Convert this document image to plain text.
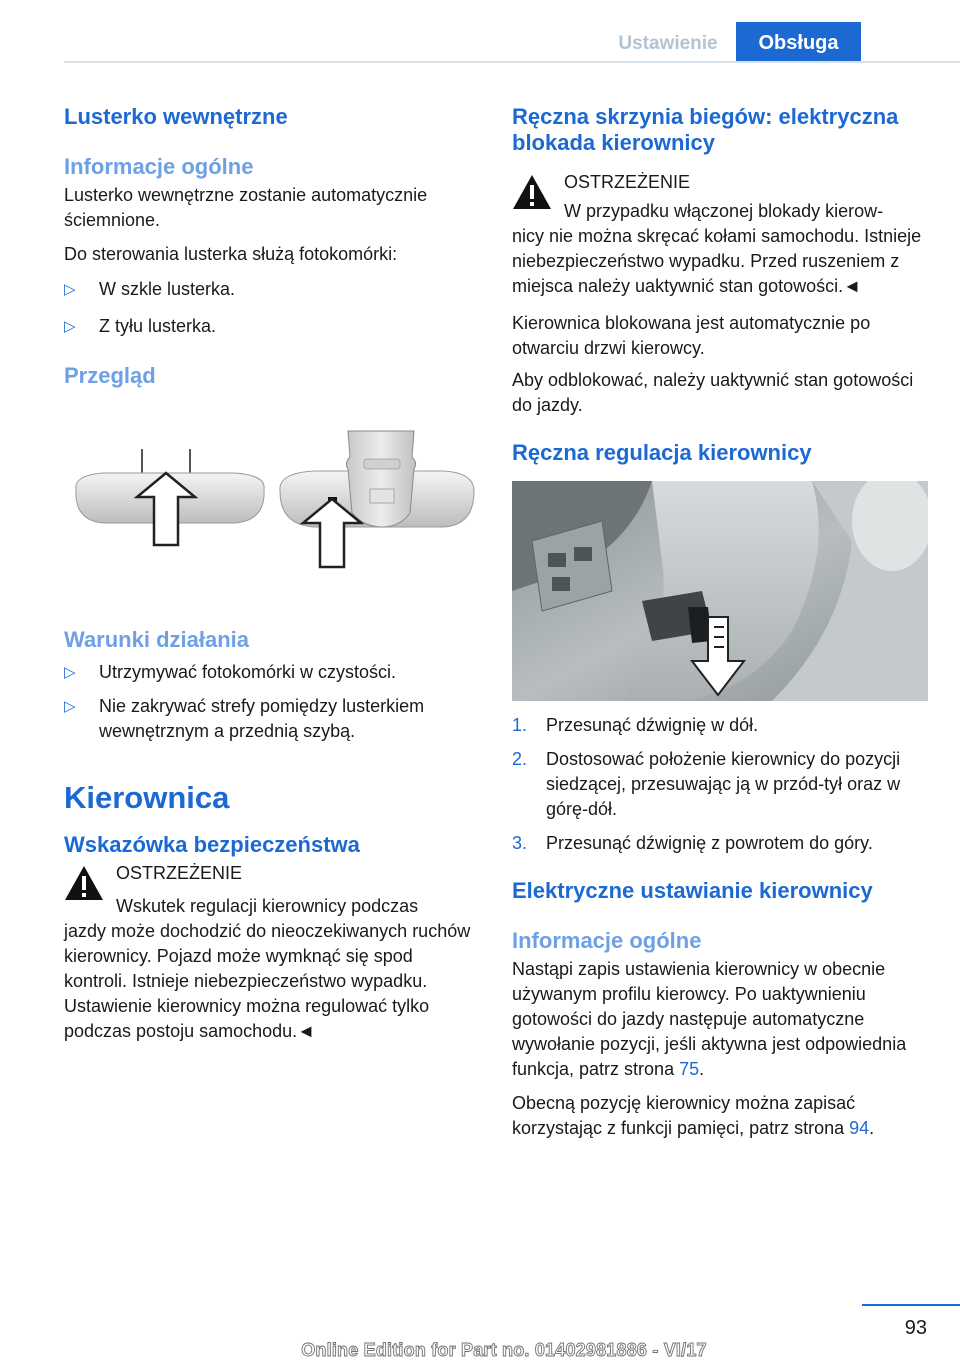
Ustawienie	Obsługa
Lusterko wewnętrzne
Informacje ogólne

Lusterko wewnętrzne zostanie automatycznie ściemnione.

Do sterowania lusterka służą fotokomórki:

▷ W szkle lusterka.
▷ Z tyłu lusterka.
Przegląd
Warunki działania
▷ Utrzymywać fotokomórki w czystości.
▷ Nie zakrywać strefy pomiędzy lusterkiem wewnętrznym a przednią szybą.
Kierownica
Wskazówka bezpieczeństwa
OSTRZEŻENIE
Wskutek regulacji kierownicy podczas
jazdy może dochodzić do nieoczekiwanych ruchów kierownicy. Pojazd może wymknąć się spod kontroli. Istnieje niebezpieczeństwo wypadku. Ustawienie kierownicy można regulować tylko podczas postoju samochodu.◄
Ręczna skrzynia biegów: elektryczna blokada kierownicy
OSTRZEŻENIE
W przypadku włączonej blokady kierow-
nicy nie można skręcać kołami samochodu. Istnieje niebezpieczeństwo wypadku. Przed ruszeniem z miejsca należy uaktywnić stan gotowości.◄

Kierownica blokowana jest automatycznie po otwarciu drzwi kierowcy.

Aby odblokować, należy uaktywnić stan gotowości do jazdy.

Ręczna regulacja kierownicy
1. Przesunąć dźwignię w dół.
2. Dostosować położenie kierownicy do pozycji siedzącej, przesuwając ją w przód-tył oraz w górę-dół.
3. Przesunąć dźwignię z powrotem do góry.
Elektryczne ustawianie kierownicy
Informacje ogólne

Nastąpi zapis ustawienia kierownicy w obecnie używanym profilu kierowcy. Po uaktywnieniu gotowości do jazdy następuje automatyczne wywołanie pozycji, jeśli aktywna jest odpowiednia funkcja, patrz strona 75.

Obecną pozycję kierownicy można zapisać korzystając z funkcji pamięci, patrz strona 94.

93
Online Edition for Part no. 01402981886 - VI/17
